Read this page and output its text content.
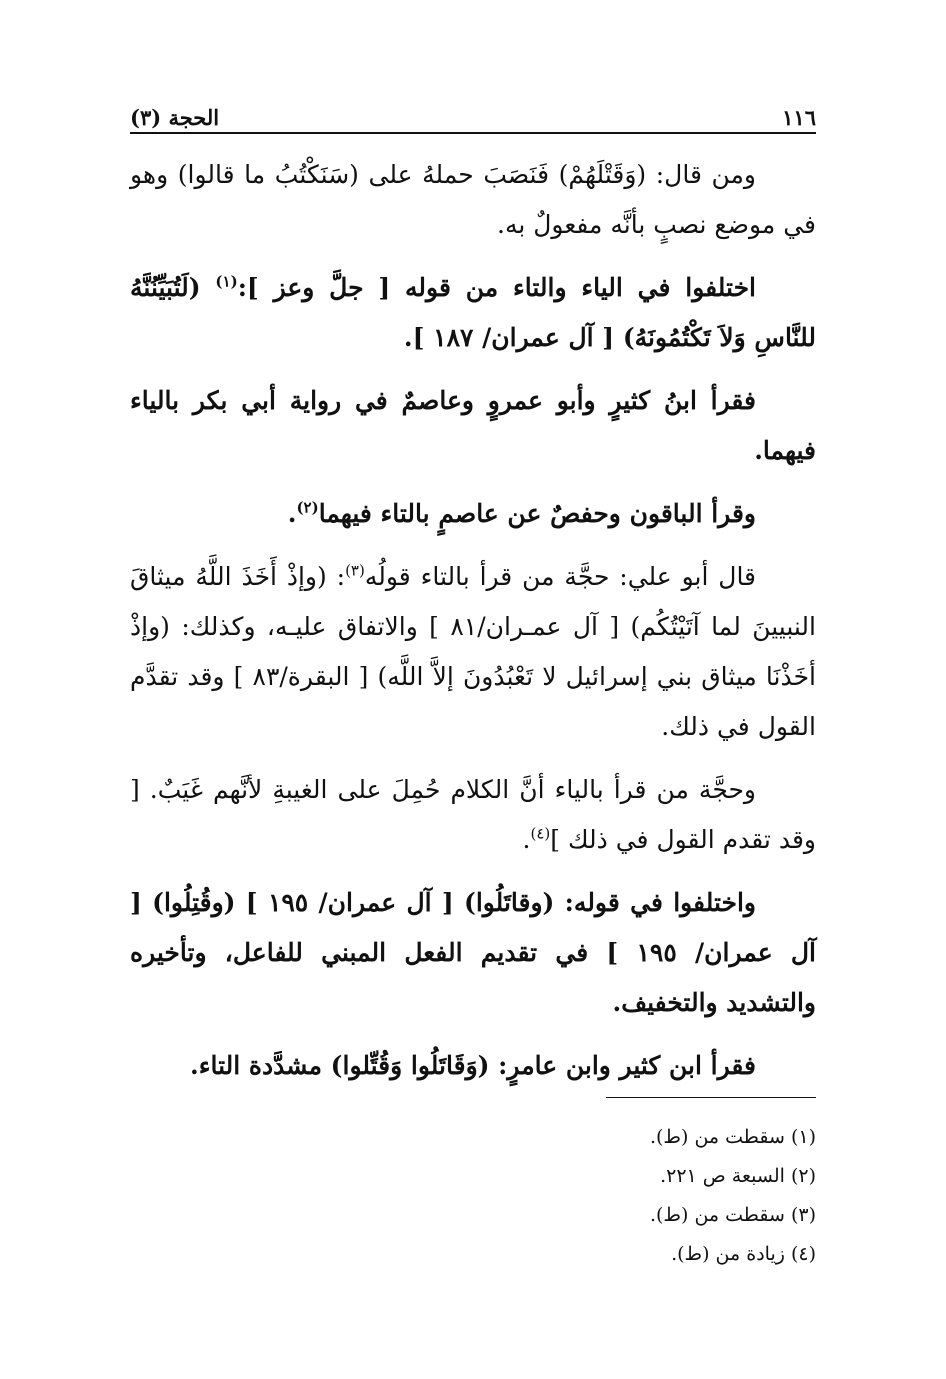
١١٦
الحجة (٣)

ومن قال: (وَقَتْلَهُمْ) فَنَصَبَ حملهُ على (سَنَكْتُبُ ما قالوا) وهو في موضع نصبٍ بأنَّه مفعولٌ به.

اختلفوا في الياء والتاء من قوله [ جلَّ وعز ]:$^{(١)}$ (لَتُبَيِّنُنَّهُ للنَّاسِ وَلاَ تَكْتُمُونَهُ) [ آل عمران/ ١٨٧ ].

فقرأ ابنُ كثيرٍ وأبو عمروٍ وعاصمٌ في رواية أبي بكر بالياء فيهما.

وقرأ الباقون وحفصٌ عن عاصمٍ بالتاء فيهما$^{(٢)}$.

قال أبو علي: حجَّة من قرأ بالتاء قولُه$^{(٣)}$: (وإذْ أَخَذَ اللَّهُ ميثاقَ النبيينَ لما آتَيْتُكُم) [ آل عمـران/٨١ ] والاتفاق عليـه، وكذلك: (وإذْ أخَذْنَا ميثاق بني إسرائيل لا تَعْبُدُونَ إلاَّ اللَّه) [ البقرة/٨٣ ] وقد تقدَّم القول في ذلك.

وحجَّة من قرأ بالياء أنَّ الكلام حُمِلَ على الغيبةِ لأنَّهم غَيَبٌ. [ وقد تقدم القول في ذلك ]$^{(٤)}$.

واختلفوا في قوله: (وقاتَلُوا) [ آل عمران/ ١٩٥ ] (وقُتِلُوا) [ آل عمران/ ١٩٥ ] في تقديم الفعل المبني للفاعل، وتأخيره والتشديد والتخفيف.

فقرأ ابن كثير وابن عامرٍ: (وَقَاتَلُوا وَقُتِّلوا) مشدَّدة التاء.

(١) سقطت من (ط).

(٢) السبعة ص ٢٢١.

(٣) سقطت من (ط).

(٤) زيادة من (ط).
